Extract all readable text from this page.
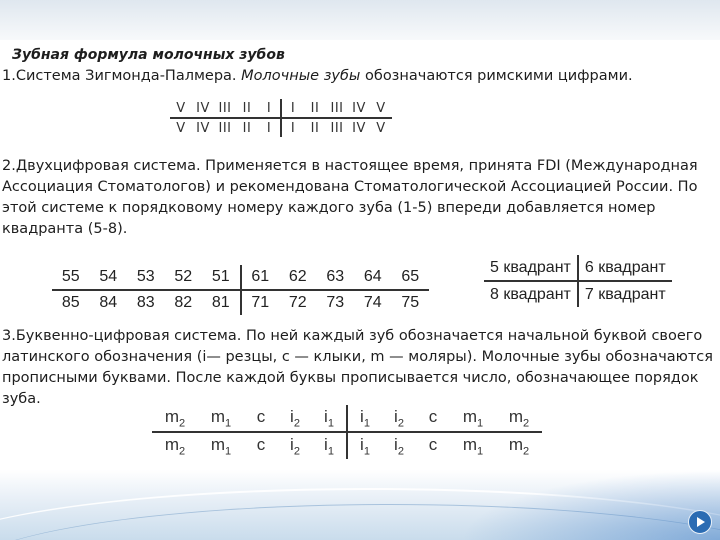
Зубная формула молочных зубов
1.Система Зигмонда-Палмера. Молочные зубы обозначаются римскими цифрами.
V	IV	III	II	I	I	II	III	IV	V
V	IV	III	II	I	I	II	III	IV	V
2.Двухцифровая система. Применяется в настоящее время, принята FDI (Международная
Ассоциация Стоматологов) и рекомендована Стоматологической Ассоциацией России. По
этой системе к порядковому номеру каждого зуба (1-5) впереди добавляется номер
квадранта (5-8).
55	54	53	52	51	61	62	63	64	65
85	84	83	82	81	71	72	73	74	75
5 квадрант	6 квадрант
8 квадрант	7 квадрант
3.Буквенно-цифровая система. По ней каждый зуб обозначается начальной буквой своего
латинского обозначения (i— резцы, с — клыки, m — моляры). Молочные зубы обозначаются
прописными буквами. После каждой буквы прописывается число, обозначающее порядок
зуба.
$m_2$	$m_1$	c	$i_2$	$i_1$	$i_1$	$i_2$	c	$m_1$	$m_2$
$m_2$	$m_1$	c	$i_2$	$i_1$	$i_1$	$i_2$	c	$m_1$	$m_2$
